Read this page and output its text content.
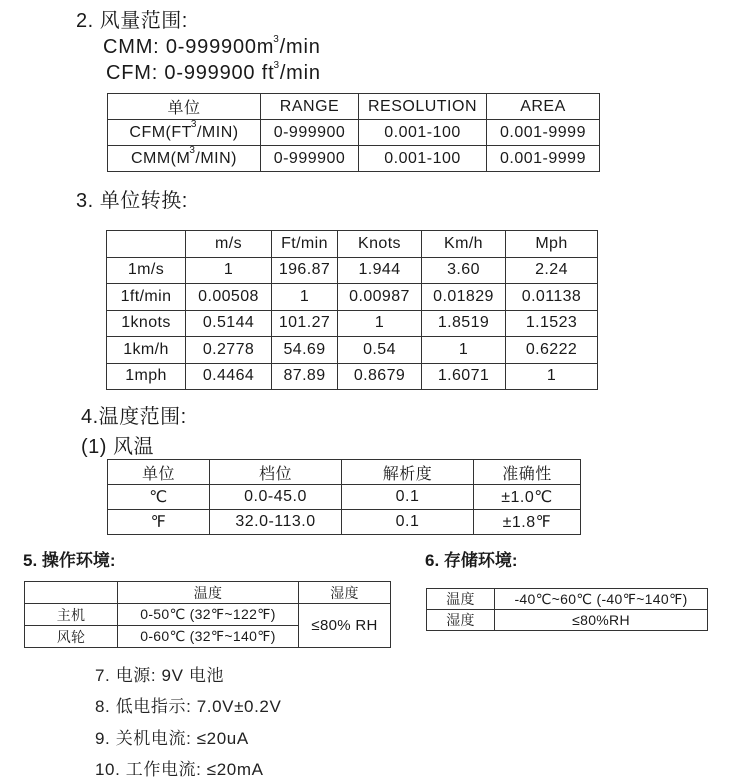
2. 风量范围:
CMM: $0-999900m^3/\min$
CFM: 0-999900 $ft^3/\min$
单位	RANGE	RESOLUTION	AREA
$CFM(FT^3/MIN)$	0-999900	0.001-100	0.001-9999
$CMM(M^3/MIN)$	0-999900	0.001-100	0.001-9999
3. 单位转换:
	m/s	Ft/min	Knots	Km/h	Mph
1m/s	1	196.87	1.944	3.60	2.24
1ft/min	0.00508	1	0.00987	0.01829	0.01138
1knots	0.5144	101.27	1	1.8519	1.1523
1km/h	0.2778	54.69	0.54	1	0.6222
1mph	0.4464	87.89	0.8679	1.6071	1
4.温度范围:
(1) 风温
单位	档位	解析度	准确性
℃	0.0-45.0	0.1	±1.0℃
℉	32.0-113.0	0.1	±1.8℉
5. 操作环境:
	温度	湿度
主机	0-50℃ (32℉~122℉)	≤80% RH
风轮	0-60℃ (32℉~140℉)	
6. 存储环境:
温度	-40℃~60℃ (-40℉~140℉)
湿度	≤80%RH
7. 电源: 9V 电池
8. 低电指示: 7.0V±0.2V
9. 关机电流: ≤20uA
10. 工作电流: ≤20mA
